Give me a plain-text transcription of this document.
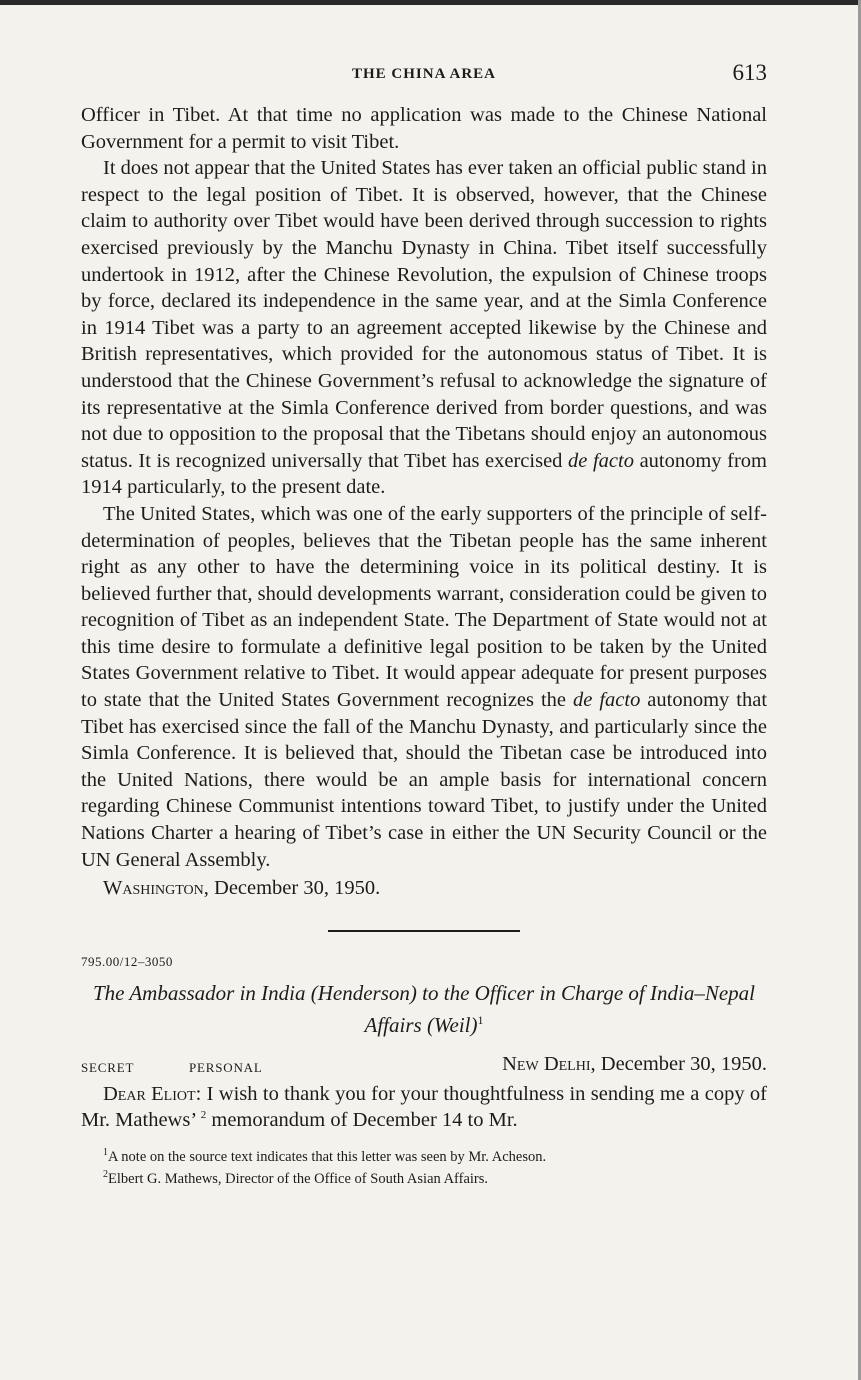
THE CHINA AREA	613

Officer in Tibet. At that time no application was made to the Chinese National Government for a permit to visit Tibet.

It does not appear that the United States has ever taken an official public stand in respect to the legal position of Tibet. It is observed, however, that the Chinese claim to authority over Tibet would have been derived through succession to rights exercised previously by the Manchu Dynasty in China. Tibet itself successfully undertook in 1912, after the Chinese Revolution, the expulsion of Chinese troops by force, declared its independence in the same year, and at the Simla Conference in 1914 Tibet was a party to an agreement accepted likewise by the Chinese and British representatives, which provided for the autonomous status of Tibet. It is understood that the Chinese Government’s refusal to acknowledge the signature of its representative at the Simla Conference derived from border questions, and was not due to opposition to the proposal that the Tibetans should enjoy an autonomous status. It is recognized universally that Tibet has exercised de facto autonomy from 1914 particularly, to the present date.

The United States, which was one of the early supporters of the principle of self-determination of peoples, believes that the Tibetan people has the same inherent right as any other to have the determining voice in its political destiny. It is believed further that, should developments warrant, consideration could be given to recognition of Tibet as an independent State. The Department of State would not at this time desire to formulate a definitive legal position to be taken by the United States Government relative to Tibet. It would appear adequate for present purposes to state that the United States Government recognizes the de facto autonomy that Tibet has exercised since the fall of the Manchu Dynasty, and particularly since the Simla Conference. It is believed that, should the Tibetan case be introduced into the United Nations, there would be an ample basis for international concern regarding Chinese Communist intentions toward Tibet, to justify under the United Nations Charter a hearing of Tibet’s case in either the UN Security Council or the UN General Assembly.

Washington, December 30, 1950.
795.00/12–3050
The Ambassador in India (Henderson) to the Officer in Charge of India–Nepal Affairs (Weil)$^1$
SECRET	PERSONAL	New Delhi, December 30, 1950.

Dear Eliot: I wish to thank you for your thoughtfulness in sending me a copy of Mr. Mathews’ $^2$ memorandum of December 14 to Mr.

$^1$A note on the source text indicates that this letter was seen by Mr. Acheson.
$^2$Elbert G. Mathews, Director of the Office of South Asian Affairs.
